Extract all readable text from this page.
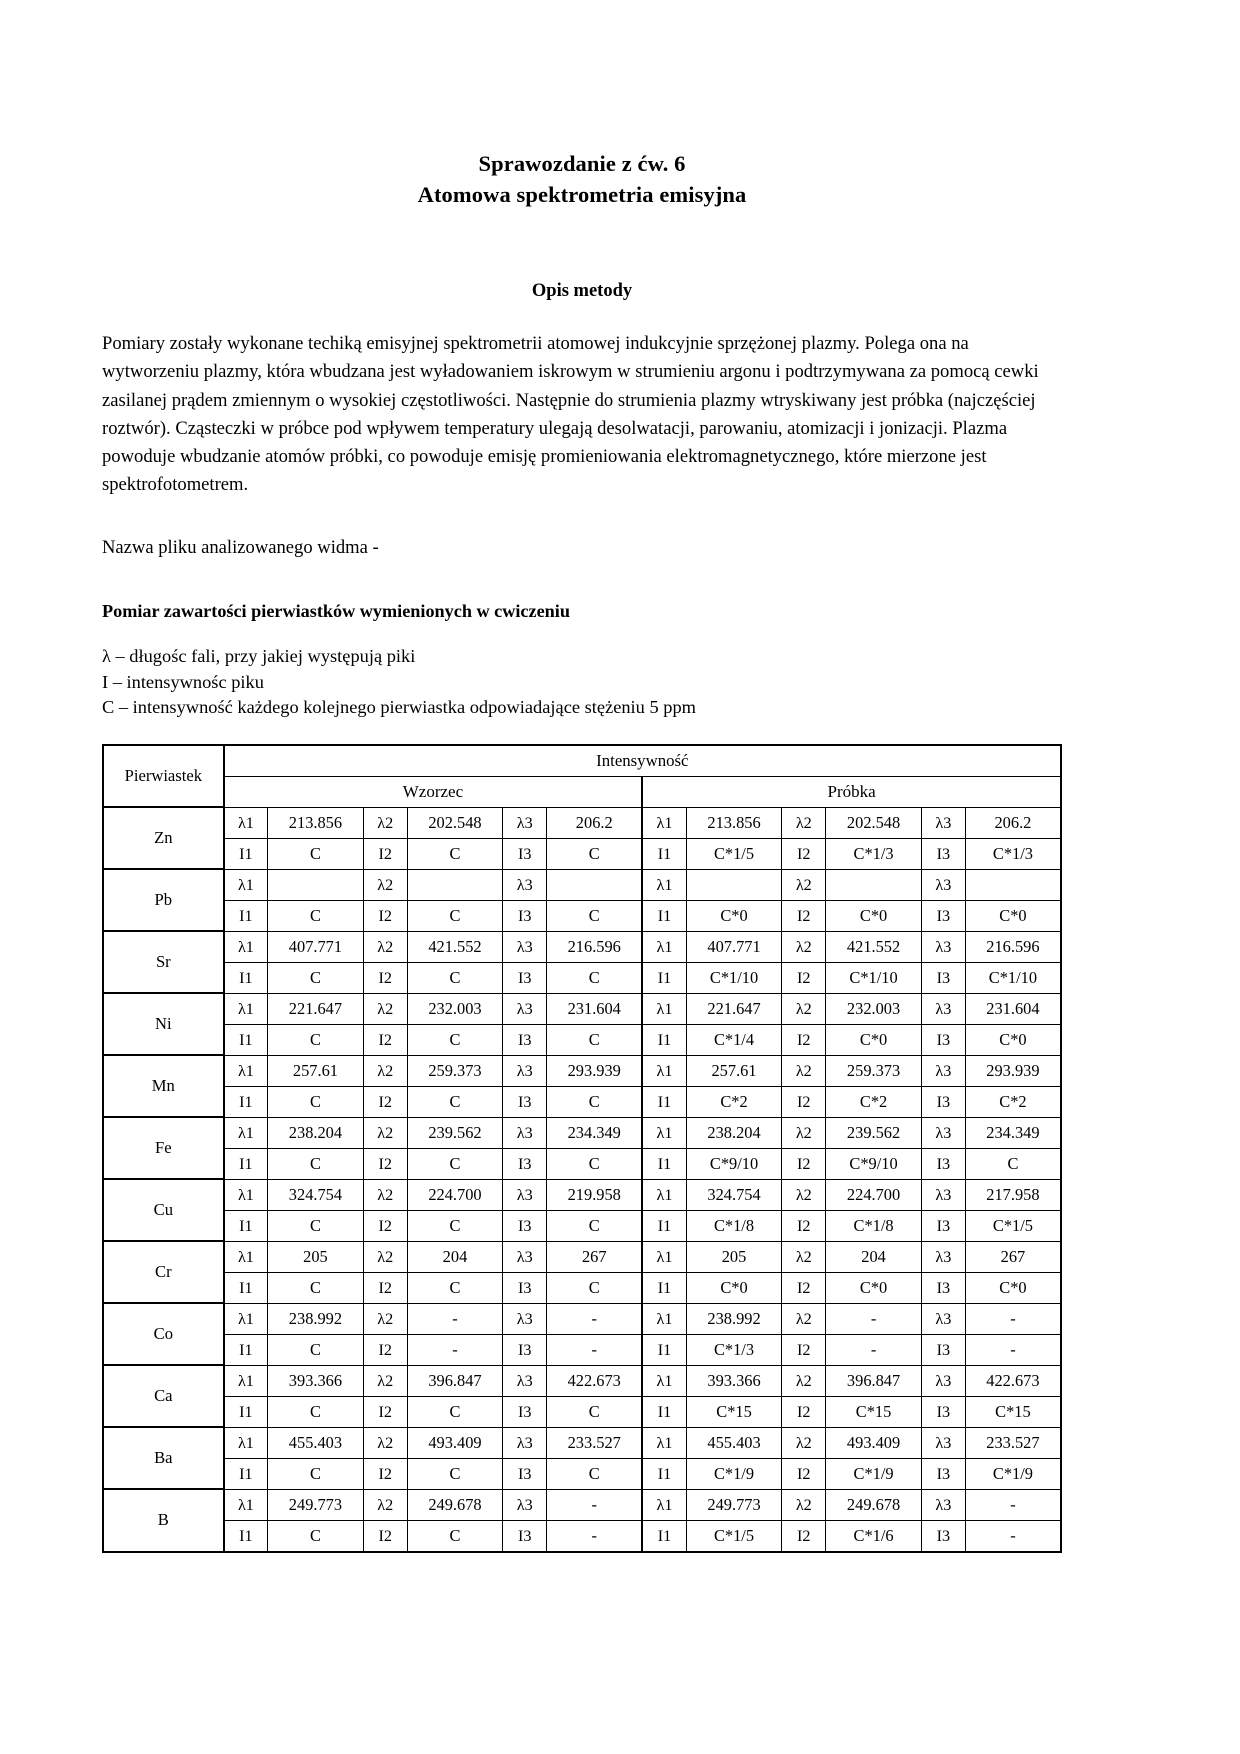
Sprawozdanie z ćw. 6
Atomowa spektrometria emisyjna
Opis metody
Pomiary zostały wykonane techiką emisyjnej spektrometrii atomowej indukcyjnie sprzężonej plazmy. Polega ona na wytworzeniu plazmy, która wbudzana jest wyładowaniem iskrowym w strumieniu argonu i podtrzymywana za pomocą cewki zasilanej prądem zmiennym o wysokiej częstotliwości. Następnie do strumienia plazmy wtryskiwany jest próbka (najczęściej roztwór). Cząsteczki w próbce pod wpływem temperatury ulegają desolwatacji, parowaniu, atomizacji i jonizacji. Plazma powoduje wbudzanie atomów próbki, co powoduje emisję promieniowania elektromagnetycznego, które mierzone jest spektrofotometrem.
Nazwa pliku analizowanego widma -
Pomiar zawartości pierwiastków wymienionych w cwiczeniu
λ – długośc fali, przy jakiej występują piki
I – intensywnośc piku
C – intensywność każdego kolejnego pierwiastka odpowiadające stężeniu 5 ppm
Pierwiastek	Intensywność											
	Wzorzec						Próbka					
Zn	λ1	213.856	λ2	202.548	λ3	206.2	λ1	213.856	λ2	202.548	λ3	206.2
	I1	C	I2	C	I3	C	I1	C*1/5	I2	C*1/3	I3	C*1/3
Pb	λ1		λ2		λ3		λ1		λ2		λ3	
	I1	C	I2	C	I3	C	I1	C*0	I2	C*0	I3	C*0
Sr	λ1	407.771	λ2	421.552	λ3	216.596	λ1	407.771	λ2	421.552	λ3	216.596
	I1	C	I2	C	I3	C	I1	C*1/10	I2	C*1/10	I3	C*1/10
Ni	λ1	221.647	λ2	232.003	λ3	231.604	λ1	221.647	λ2	232.003	λ3	231.604
	I1	C	I2	C	I3	C	I1	C*1/4	I2	C*0	I3	C*0
Mn	λ1	257.61	λ2	259.373	λ3	293.939	λ1	257.61	λ2	259.373	λ3	293.939
	I1	C	I2	C	I3	C	I1	C*2	I2	C*2	I3	C*2
Fe	λ1	238.204	λ2	239.562	λ3	234.349	λ1	238.204	λ2	239.562	λ3	234.349
	I1	C	I2	C	I3	C	I1	C*9/10	I2	C*9/10	I3	C
Cu	λ1	324.754	λ2	224.700	λ3	219.958	λ1	324.754	λ2	224.700	λ3	217.958
	I1	C	I2	C	I3	C	I1	C*1/8	I2	C*1/8	I3	C*1/5
Cr	λ1	205	λ2	204	λ3	267	λ1	205	λ2	204	λ3	267
	I1	C	I2	C	I3	C	I1	C*0	I2	C*0	I3	C*0
Co	λ1	238.992	λ2	-	λ3	-	λ1	238.992	λ2	-	λ3	-
	I1	C	I2	-	I3	-	I1	C*1/3	I2	-	I3	-
Ca	λ1	393.366	λ2	396.847	λ3	422.673	λ1	393.366	λ2	396.847	λ3	422.673
	I1	C	I2	C	I3	C	I1	C*15	I2	C*15	I3	C*15
Ba	λ1	455.403	λ2	493.409	λ3	233.527	λ1	455.403	λ2	493.409	λ3	233.527
	I1	C	I2	C	I3	C	I1	C*1/9	I2	C*1/9	I3	C*1/9
B	λ1	249.773	λ2	249.678	λ3	-	λ1	249.773	λ2	249.678	λ3	-
	I1	C	I2	C	I3	-	I1	C*1/5	I2	C*1/6	I3	-
